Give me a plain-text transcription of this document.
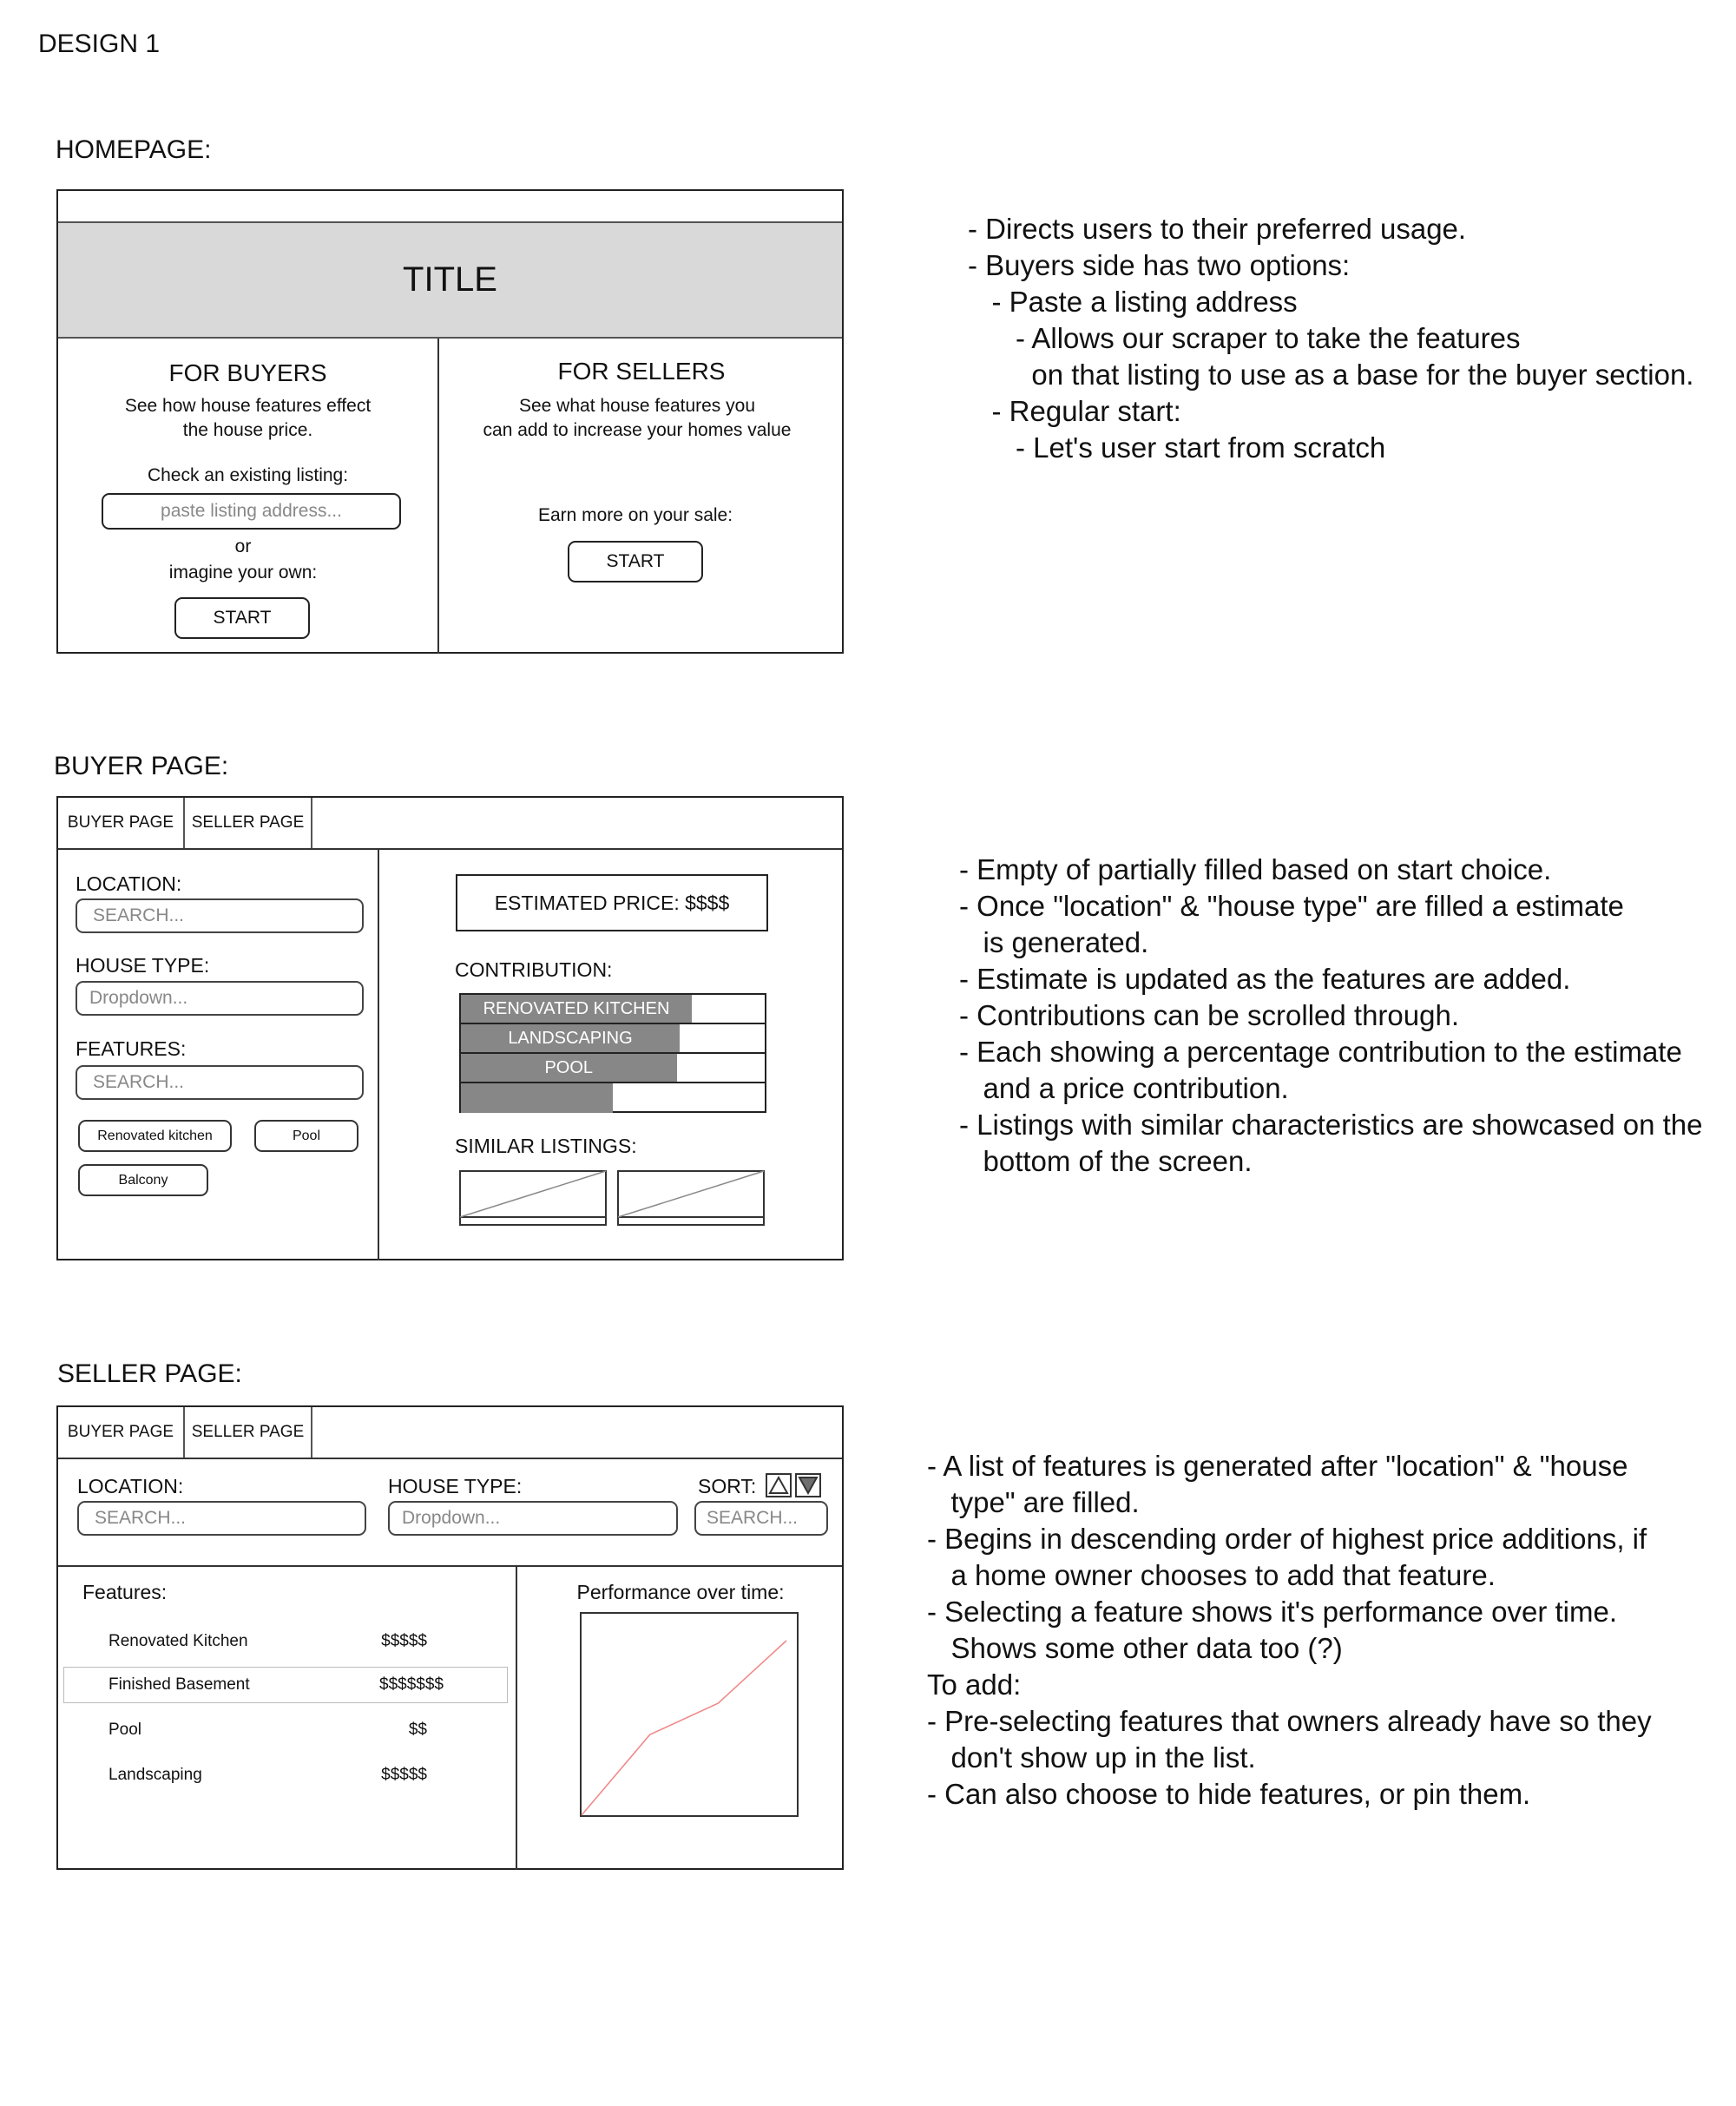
DESIGN 1
HOMEPAGE:
TITLE
FOR BUYERS
See how house features effect
the house price.
Check an existing listing:
paste listing address...
or
imagine your own:
START
FOR SELLERS
See what house features you
can add to increase your homes value
Earn more on your sale:
START
- Directs users to their preferred usage.
- Buyers side has two options:
- Paste a listing address
- Allows our scraper to take the features
on that listing to use as a base for the buyer section.
- Regular start:
- Let's user start from scratch
BUYER PAGE:
BUYER PAGE	SELLER PAGE
LOCATION:
SEARCH...
HOUSE TYPE:
Dropdown...
FEATURES:
SEARCH...
Renovated kitchen	Pool
Balcony
ESTIMATED PRICE: $$$$
CONTRIBUTION:
RENOVATED KITCHEN
LANDSCAPING
POOL
SIMILAR LISTINGS:
- Empty of partially filled based on start choice.
- Once "location" & "house type" are filled a estimate
is generated.
- Estimate is updated as the features are added.
- Contributions can be scrolled through.
- Each showing a percentage contribution to the estimate
and a price contribution.
- Listings with similar characteristics are showcased on the
bottom of the screen.
SELLER PAGE:
BUYER PAGE	SELLER PAGE
LOCATION:
SEARCH...
HOUSE TYPE:
Dropdown...
SORT:
SEARCH...
Features:
Renovated Kitchen	$$$$$
Finished Basement	$$$$$$$
Pool	$$
Landscaping	$$$$$
Performance over time:
- A list of features is generated after "location" & "house
type" are filled.
- Begins in descending order of highest price additions, if
a home owner chooses to add that feature.
- Selecting a feature shows it's performance over time.
Shows some other data too (?)
To add:
- Pre-selecting features that owners already have so they
don't show up in the list.
- Can also choose to hide features, or pin them.
